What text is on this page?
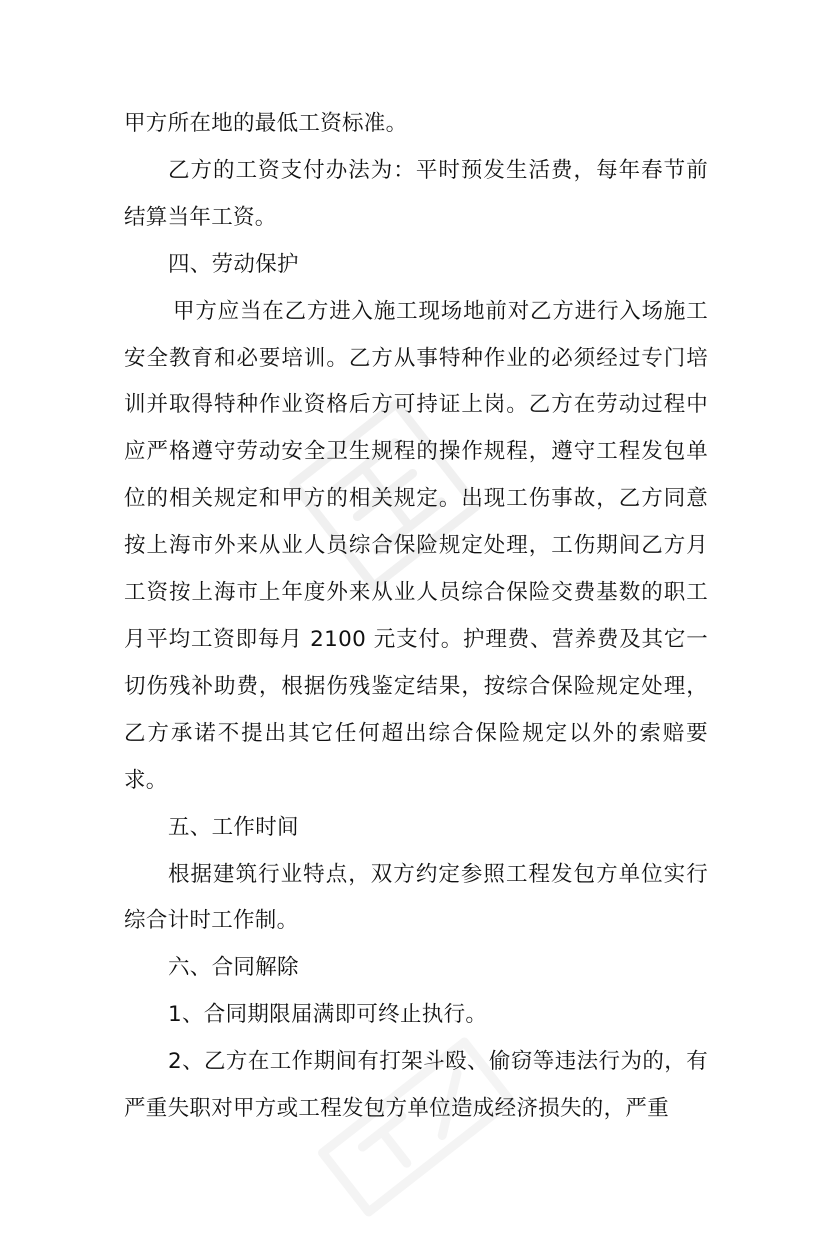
甲方所在地的最低工资标准。

乙方的工资支付办法为：平时预发生活费，每年春节前结算当年工资。

四、劳动保护

甲方应当在乙方进入施工现场地前对乙方进行入场施工安全教育和必要培训。乙方从事特种作业的必须经过专门培训并取得特种作业资格后方可持证上岗。乙方在劳动过程中应严格遵守劳动安全卫生规程的操作规程，遵守工程发包单位的相关规定和甲方的相关规定。出现工伤事故，乙方同意按上海市外来从业人员综合保险规定处理，工伤期间乙方月工资按上海市上年度外来从业人员综合保险交费基数的职工月平均工资即每月 2100 元支付。护理费、营养费及其它一切伤残补助费，根据伤残鉴定结果，按综合保险规定处理，乙方承诺不提出其它任何超出综合保险规定以外的索赔要求。

五、工作时间

根据建筑行业特点，双方约定参照工程发包方单位实行综合计时工作制。

六、合同解除

1、合同期限届满即可终止执行。

2、乙方在工作期间有打架斗殴、偷窃等违法行为的，有严重失职对甲方或工程发包方单位造成经济损失的，严重
